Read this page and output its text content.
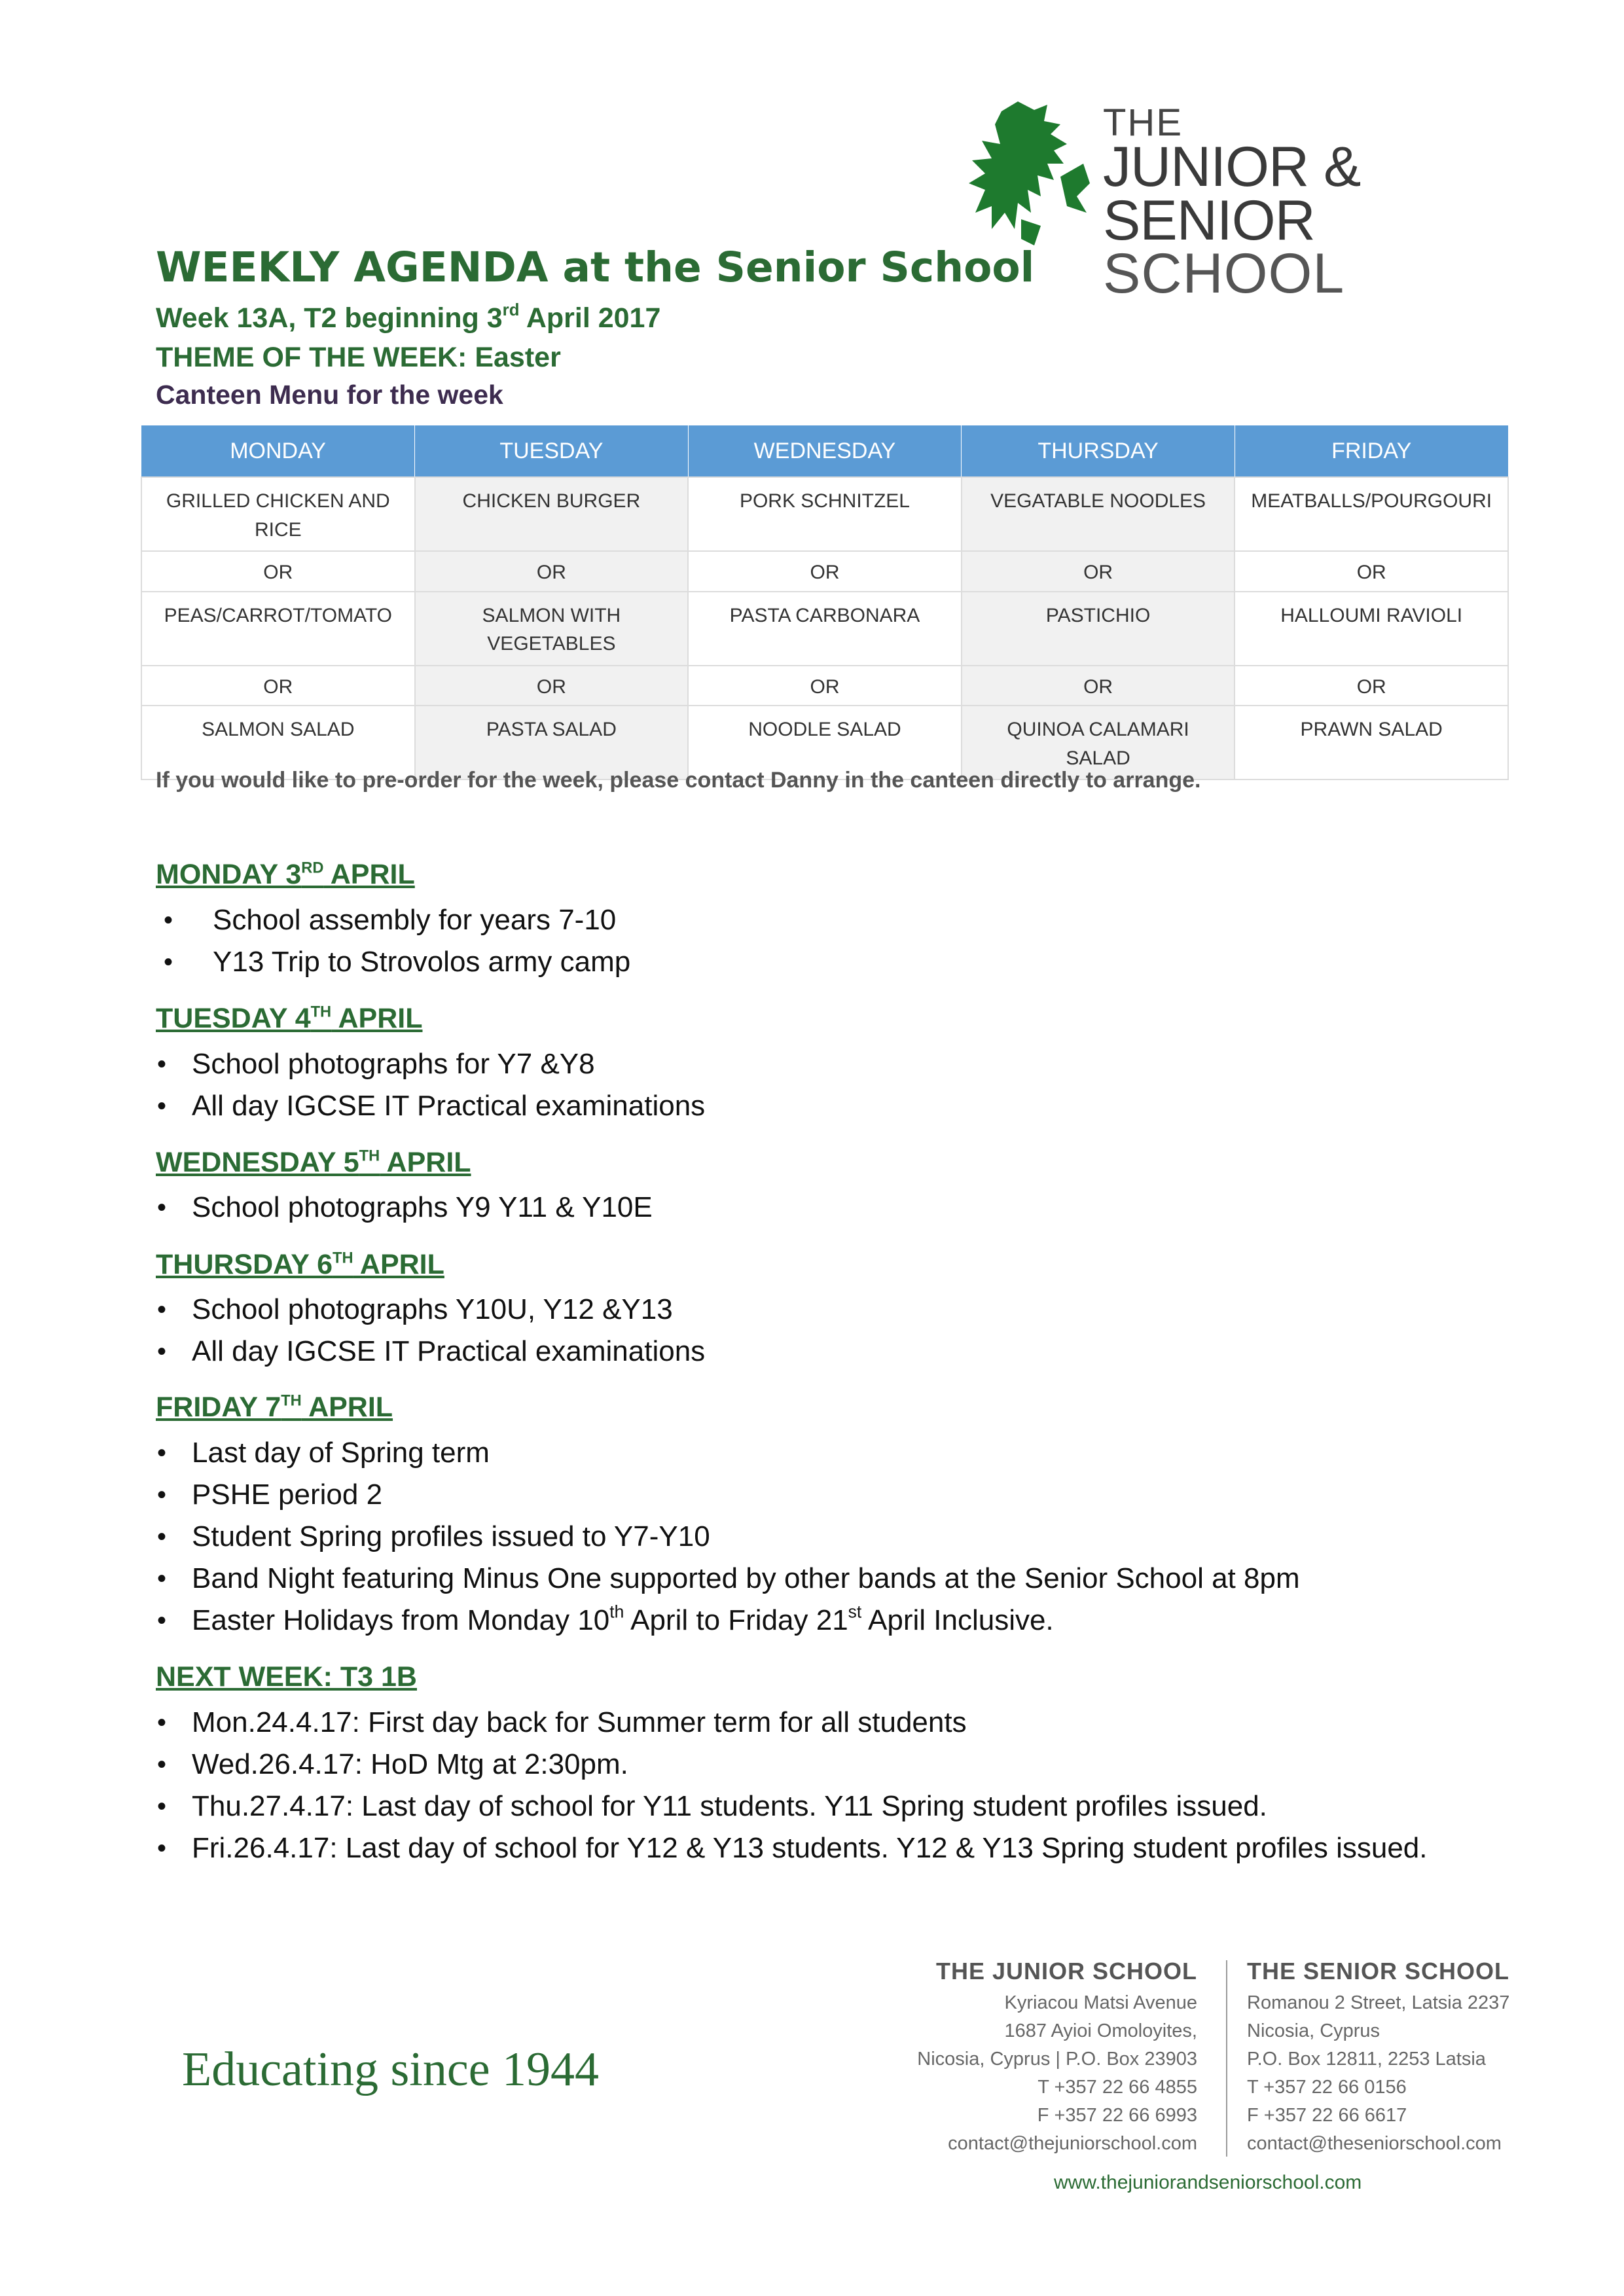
THE
JUNIOR & SENIOR
SCHOOL
WEEKLY AGENDA at the Senior School
Week 13A, T2 beginning 3rd April 2017
THEME OF THE WEEK: Easter
Canteen Menu for the week
MONDAY	TUESDAY	WEDNESDAY	THURSDAY	FRIDAY
GRILLED CHICKEN AND RICE	CHICKEN BURGER	PORK SCHNITZEL	VEGATABLE NOODLES	MEATBALLS/POURGOURI
OR	OR	OR	OR	OR
PEAS/CARROT/TOMATO	SALMON WITH VEGETABLES	PASTA CARBONARA	PASTICHIO	HALLOUMI RAVIOLI
OR	OR	OR	OR	OR
SALMON SALAD	PASTA SALAD	NOODLE SALAD	QUINOA CALAMARI SALAD	PRAWN SALAD
If you would like to pre-order for the week, please contact Danny in the canteen directly to arrange.
MONDAY 3RD APRIL
• School assembly for years 7-10
• Y13 Trip to Strovolos army camp
TUESDAY 4TH APRIL
• School photographs for Y7 &Y8
• All day IGCSE IT Practical examinations
WEDNESDAY 5TH APRIL
• School photographs Y9 Y11 & Y10E
THURSDAY 6TH APRIL
• School photographs Y10U, Y12 &Y13
• All day IGCSE IT Practical examinations
FRIDAY 7TH APRIL
• Last day of Spring term
• PSHE period 2
• Student Spring profiles issued to Y7-Y10
• Band Night featuring Minus One supported by other bands at the Senior School at 8pm
• Easter Holidays from Monday 10th April to Friday 21st April Inclusive.
NEXT WEEK: T3 1B
• Mon.24.4.17: First day back for Summer term for all students
• Wed.26.4.17: HoD Mtg at 2:30pm.
• Thu.27.4.17: Last day of school for Y11 students. Y11 Spring student profiles issued.
• Fri.26.4.17: Last day of school for Y12 & Y13 students. Y12 & Y13 Spring student profiles issued.
Educating since 1944
THE JUNIOR SCHOOL
Kyriacou Matsi Avenue
1687 Ayioi Omoloyites,
Nicosia, Cyprus | P.O. Box 23903
T +357 22 66 4855
F +357 22 66 6993
contact@thejuniorschool.com
THE SENIOR SCHOOL
Romanou 2 Street, Latsia 2237
Nicosia, Cyprus
P.O. Box 12811, 2253 Latsia
T +357 22 66 0156
F +357 22 66 6617
contact@theseniorschool.com
www.thejuniorandseniorschool.com
